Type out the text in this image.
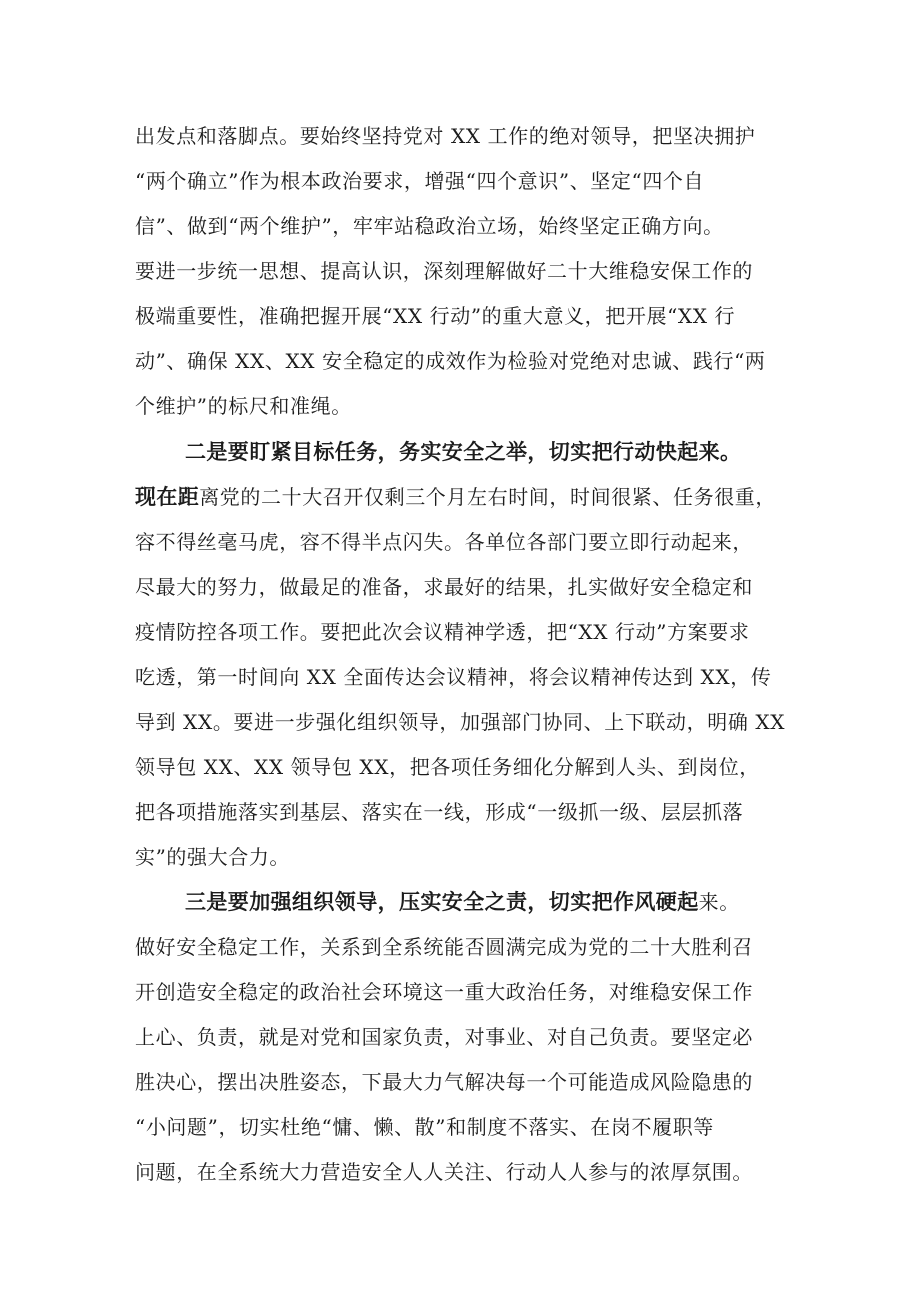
出发点和落脚点。要始终坚持党对 XX 工作的绝对领导，把坚决拥护
“两个确立”作为根本政治要求，增强“四个意识”、坚定“四个自
信”、做到“两个维护”，牢牢站稳政治立场，始终坚定正确方向。
要进一步统一思想、提高认识，深刻理解做好二十大维稳安保工作的
极端重要性，准确把握开展“XX 行动”的重大意义，把开展“XX 行
动”、确保 XX、XX 安全稳定的成效作为检验对党绝对忠诚、践行“两
个维护”的标尺和准绳。
二是要盯紧目标任务，务实安全之举，切实把行动快起来。
现在距离党的二十大召开仅剩三个月左右时间，时间很紧、任务很重，
容不得丝毫马虎，容不得半点闪失。各单位各部门要立即行动起来，
尽最大的努力，做最足的准备，求最好的结果，扎实做好安全稳定和
疫情防控各项工作。要把此次会议精神学透，把“XX 行动”方案要求
吃透，第一时间向 XX 全面传达会议精神，将会议精神传达到 XX，传
导到 XX。要进一步强化组织领导，加强部门协同、上下联动，明确 XX
领导包 XX、XX 领导包 XX，把各项任务细化分解到人头、到岗位，
把各项措施落实到基层、落实在一线，形成“一级抓一级、层层抓落
实”的强大合力。
三是要加强组织领导，压实安全之责，切实把作风硬起来。
做好安全稳定工作，关系到全系统能否圆满完成为党的二十大胜利召
开创造安全稳定的政治社会环境这一重大政治任务，对维稳安保工作
上心、负责，就是对党和国家负责，对事业、对自己负责。要坚定必
胜决心，摆出决胜姿态，下最大力气解决每一个可能造成风险隐患的
“小问题”，切实杜绝“慵、懒、散”和制度不落实、在岗不履职等
问题，在全系统大力营造安全人人关注、行动人人参与的浓厚氛围。
